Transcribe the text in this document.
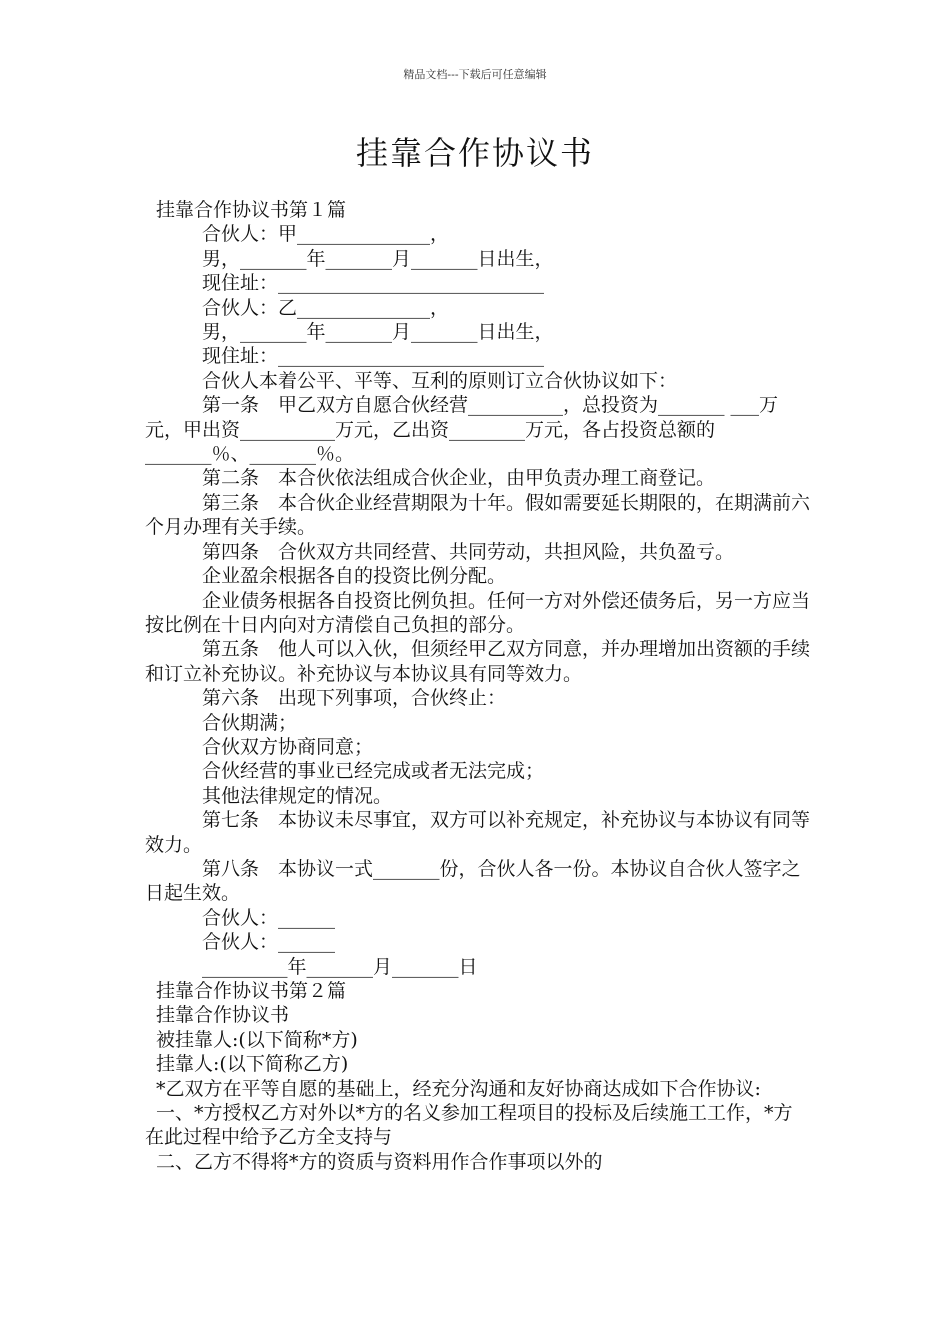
精品文档---下载后可任意编辑
挂靠合作协议书

挂靠合作协议书第１篇

合伙人：甲______________，

男，_______年_______月_______日出生，

现住址：____________________________

合伙人：乙______________，

男，_______年_______月_______日出生，

现住址：____________________________

合伙人本着公平、平等、互利的原则订立合伙协议如下：

第一条　甲乙双方自愿合伙经营__________，总投资为_______ ___万元，甲出资__________万元，乙出资________万元，各占投资总额的_______％、_______％。

第二条　本合伙依法组成合伙企业，由甲负责办理工商登记。

第三条　本合伙企业经营期限为十年。假如需要延长期限的，在期满前六个月办理有关手续。

第四条　合伙双方共同经营、共同劳动，共担风险，共负盈亏。

企业盈余根据各自的投资比例分配。

企业债务根据各自投资比例负担。任何一方对外偿还债务后，另一方应当按比例在十日内向对方清偿自己负担的部分。

第五条　他人可以入伙，但须经甲乙双方同意，并办理增加出资额的手续和订立补充协议。补充协议与本协议具有同等效力。

第六条　出现下列事项，合伙终止：

合伙期满；

合伙双方协商同意；

合伙经营的事业已经完成或者无法完成；

其他法律规定的情况。

第七条　本协议未尽事宜，双方可以补充规定，补充协议与本协议有同等效力。

第八条　本协议一式_______份，合伙人各一份。本协议自合伙人签字之日起生效。

合伙人：______

合伙人：______

_________年_______月_______日

挂靠合作协议书第２篇

挂靠合作协议书

被挂靠人:(以下简称*方)

挂靠人:(以下简称乙方)

*乙双方在平等自愿的基础上，经充分沟通和友好协商达成如下合作协议:

一、*方授权乙方对外以*方的名义参加工程项目的投标及后续施工工作，*方在此过程中给予乙方全支持与

二、乙方不得将*方的资质与资料用作合作事项以外的
